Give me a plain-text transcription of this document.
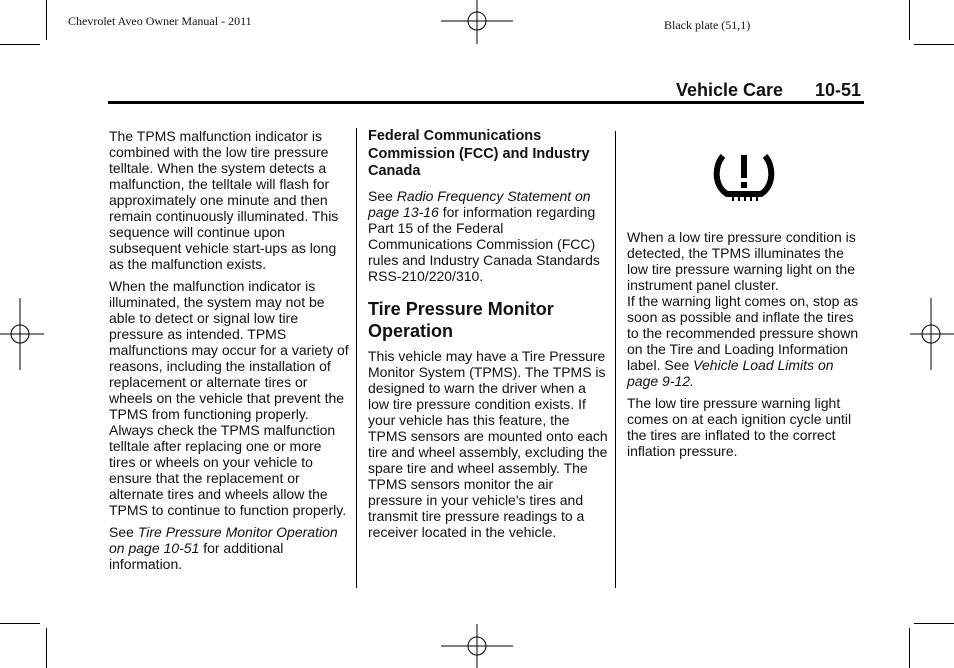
Chevrolet Aveo Owner Manual - 2011	Black plate (51,1)
Vehicle Care 10-51

The TPMS malfunction indicator is combined with the low tire pressure telltale. When the system detects a malfunction, the telltale will flash for approximately one minute and then remain continuously illuminated. This sequence will continue upon subsequent vehicle start-ups as long as the malfunction exists.

When the malfunction indicator is illuminated, the system may not be able to detect or signal low tire pressure as intended. TPMS malfunctions may occur for a variety of reasons, including the installation of replacement or alternate tires or wheels on the vehicle that prevent the TPMS from functioning properly. Always check the TPMS malfunction telltale after replacing one or more tires or wheels on your vehicle to ensure that the replacement or alternate tires and wheels allow the TPMS to continue to function properly.

See Tire Pressure Monitor Operation on page 10-51 for additional information.

Federal Communications Commission (FCC) and Industry Canada

See Radio Frequency Statement on page 13-16 for information regarding Part 15 of the Federal Communications Commission (FCC) rules and Industry Canada Standards RSS-210/220/310.

Tire Pressure Monitor Operation

This vehicle may have a Tire Pressure Monitor System (TPMS). The TPMS is designed to warn the driver when a low tire pressure condition exists. If your vehicle has this feature, the TPMS sensors are mounted onto each tire and wheel assembly, excluding the spare tire and wheel assembly. The TPMS sensors monitor the air pressure in your vehicle's tires and transmit tire pressure readings to a receiver located in the vehicle.

When a low tire pressure condition is detected, the TPMS illuminates the low tire pressure warning light on the instrument panel cluster.

If the warning light comes on, stop as soon as possible and inflate the tires to the recommended pressure shown on the Tire and Loading Information label. See Vehicle Load Limits on page 9-12.

The low tire pressure warning light comes on at each ignition cycle until the tires are inflated to the correct inflation pressure.
